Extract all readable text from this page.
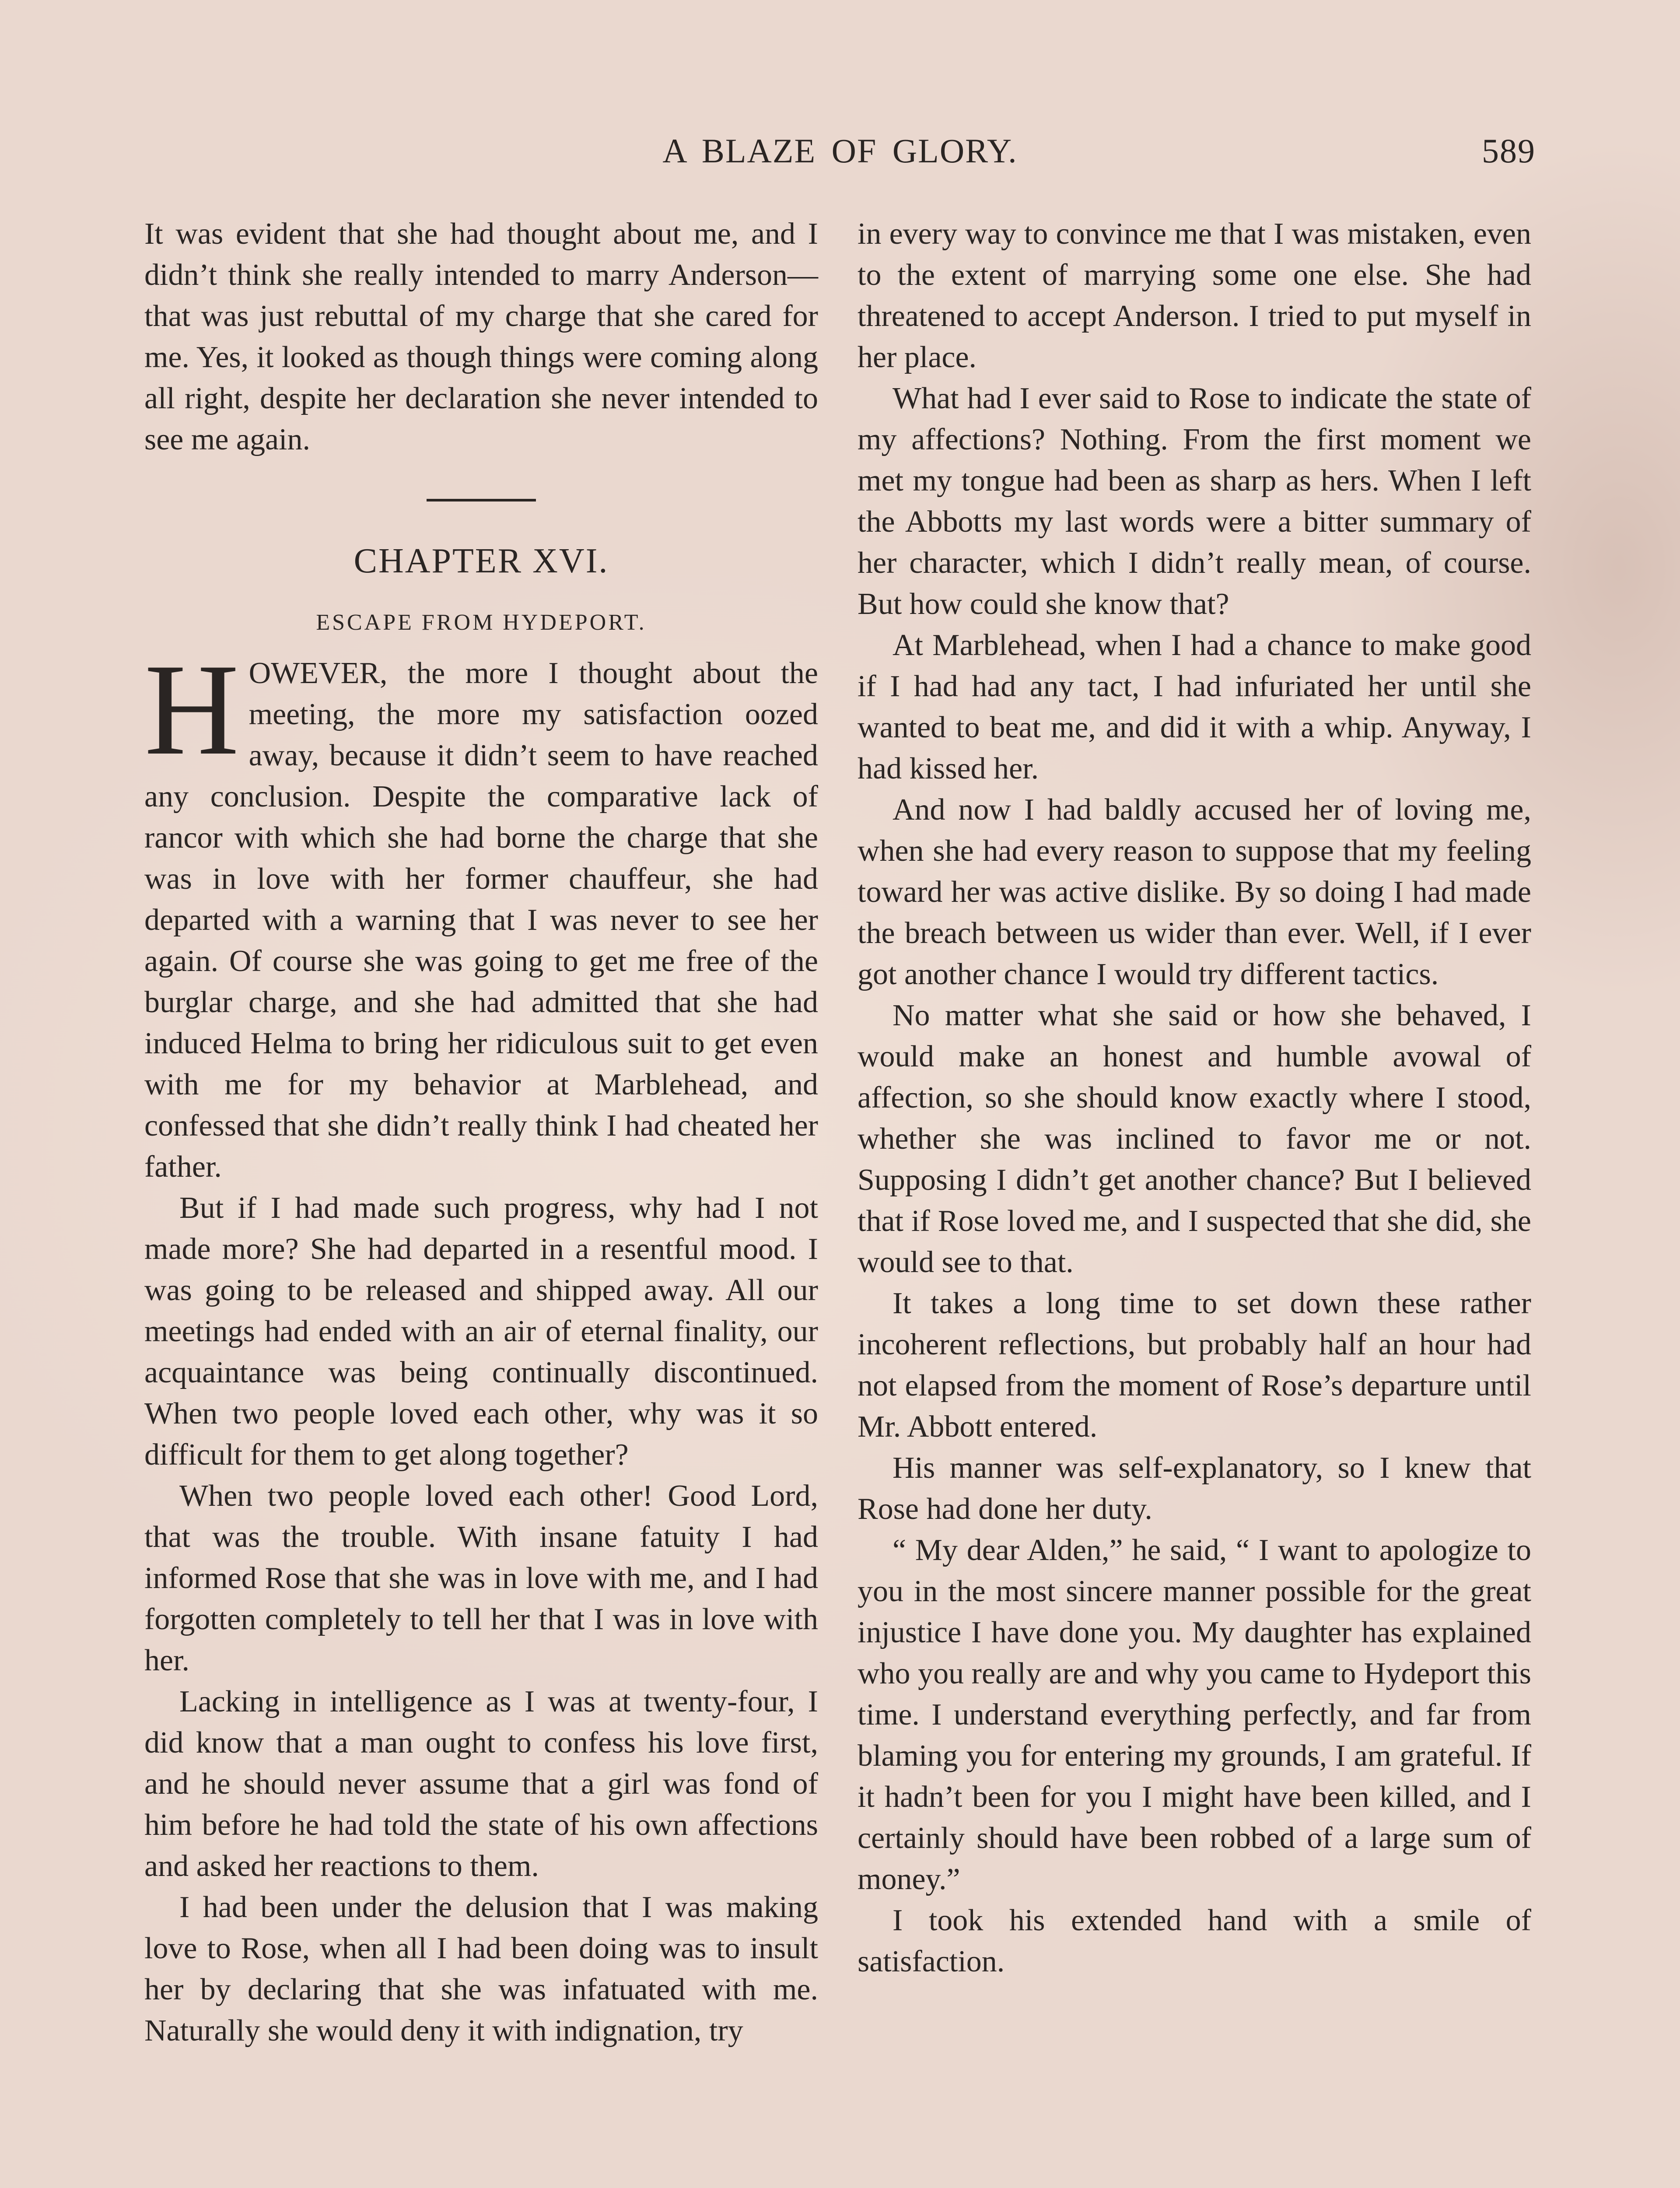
A BLAZE OF GLORY.	589

It was evident that she had thought about me, and I didn’t think she really intended to marry Anderson—that was just rebuttal of my charge that she cared for me. Yes, it looked as though things were coming along all right, despite her declaration she never intended to see me again.

CHAPTER XVI.
ESCAPE FROM HYDEPORT.

HOWEVER, the more I thought about the meeting, the more my satisfaction oozed away, because it didn’t seem to have reached any conclusion. Despite the comparative lack of rancor with which she had borne the charge that she was in love with her former chauffeur, she had departed with a warning that I was never to see her again. Of course she was going to get me free of the burglar charge, and she had admitted that she had induced Helma to bring her ridiculous suit to get even with me for my behavior at Marblehead, and confessed that she didn’t really think I had cheated her father.

But if I had made such progress, why had I not made more? She had departed in a resentful mood. I was going to be released and shipped away. All our meetings had ended with an air of eternal finality, our acquaintance was being continually discontinued. When two people loved each other, why was it so difficult for them to get along together?

When two people loved each other! Good Lord, that was the trouble. With insane fatuity I had informed Rose that she was in love with me, and I had forgotten completely to tell her that I was in love with her.

Lacking in intelligence as I was at twenty-four, I did know that a man ought to confess his love first, and he should never assume that a girl was fond of him before he had told the state of his own affections and asked her reactions to them.

I had been under the delusion that I was making love to Rose, when all I had been doing was to insult her by declaring that she was infatuated with me. Naturally she would deny it with indignation, try

in every way to convince me that I was mistaken, even to the extent of marrying some one else. She had threatened to accept Anderson. I tried to put myself in her place.

What had I ever said to Rose to indicate the state of my affections? Nothing. From the first moment we met my tongue had been as sharp as hers. When I left the Abbotts my last words were a bitter summary of her character, which I didn’t really mean, of course. But how could she know that?

At Marblehead, when I had a chance to make good if I had had any tact, I had infuriated her until she wanted to beat me, and did it with a whip. Anyway, I had kissed her.

And now I had baldly accused her of loving me, when she had every reason to suppose that my feeling toward her was active dislike. By so doing I had made the breach between us wider than ever. Well, if I ever got another chance I would try different tactics.

No matter what she said or how she behaved, I would make an honest and humble avowal of affection, so she should know exactly where I stood, whether she was inclined to favor me or not. Supposing I didn’t get another chance? But I believed that if Rose loved me, and I suspected that she did, she would see to that.

It takes a long time to set down these rather incoherent reflections, but probably half an hour had not elapsed from the moment of Rose’s departure until Mr. Abbott entered.

His manner was self-explanatory, so I knew that Rose had done her duty.

“ My dear Alden,” he said, “ I want to apologize to you in the most sincere manner possible for the great injustice I have done you. My daughter has explained who you really are and why you came to Hydeport this time. I understand everything perfectly, and far from blaming you for entering my grounds, I am grateful. If it hadn’t been for you I might have been killed, and I certainly should have been robbed of a large sum of money.”

I took his extended hand with a smile of satisfaction.
